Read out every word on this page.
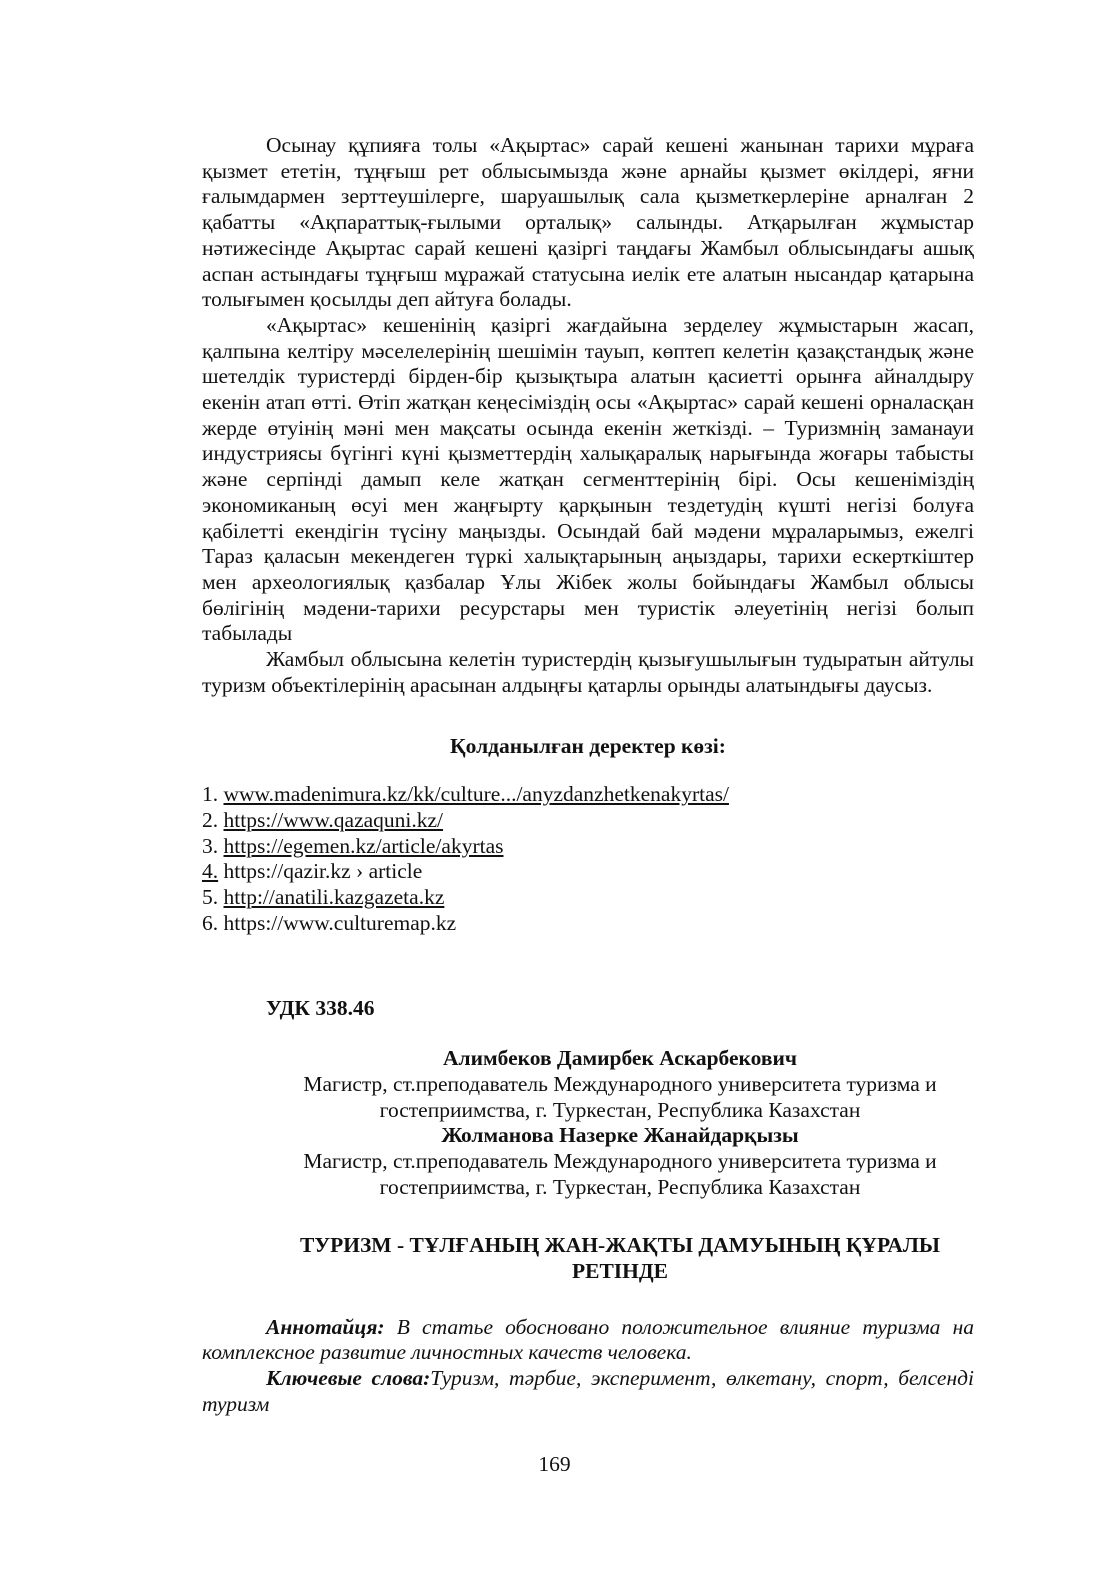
Осынау құпияға толы «Ақыртас» сарай кешені жанынан тарихи мұраға қызмет ететін, тұңғыш рет облысымызда және арнайы қызмет өкілдері, яғни ғалымдармен зерттеушілерге, шаруашылық сала қызметкерлеріне арналған 2 қабатты «Ақпараттық-ғылыми орталық» салынды. Атқарылған жұмыстар нәтижесінде Ақыртас сарай кешені қазіргі таңдағы Жамбыл облысындағы ашық аспан астындағы тұңғыш мұражай статусына иелік ете алатын нысандар қатарына толығымен қосылды деп айтуға болады.

«Ақыртас» кешенінің қазіргі жағдайына зерделеу жұмыстарын жасап, қалпына келтіру мәселелерінің шешімін тауып, көптеп келетін қазақстандық және шетелдік туристерді бірден-бір қызықтыра алатын қасиетті орынға айналдыру екенін атап өтті. Өтіп жатқан кеңесіміздің осы «Ақыртас» сарай кешені орналасқан жерде өтуінің мәні мен мақсаты осында екенін жеткізді. – Туризмнің заманауи индустриясы бүгінгі күні қызметтердің халықаралық нарығында жоғары табысты және серпінді дамып келе жатқан сегменттерінің бірі. Осы кешеніміздің экономиканың өсуі мен жаңғырту қарқынын тездетудің күшті негізі болуға қабілетті екендігін түсіну маңызды. Осындай бай мәдени мұраларымыз, ежелгі Тараз қаласын мекендеген түркі халықтарының аңыздары, тарихи ескерткіштер мен археологиялық қазбалар Ұлы Жібек жолы бойындағы Жамбыл облысы бөлігінің мәдени-тарихи ресурстары мен туристік әлеуетінің негізі болып табылады

Жамбыл облысына келетін туристердің қызығушылығын тудыратын айтулы туризм объектілерінің арасынан алдыңғы қатарлы орынды алатындығы даусыз.

Қолданылған деректер көзі:

1. www.madenimura.kz/kk/culture.../anyzdanzhetkenakyrtas/
2. https://www.qazaquni.kz/
3. https://egemen.kz/article/akyrtas
4. https://qazir.kz › article
5. http://anatili.kazgazeta.kz
6. https://www.culturemap.kz

УДК 338.46

Алимбеков Дамирбек Аскарбекович

Магистр, ст.преподаватель Международного университета туризма и

гостеприимства, г. Туркестан, Республика Казахстан

Жолманова Назерке Жанайдарқызы

Магистр, ст.преподаватель Международного университета туризма и

гостеприимства, г. Туркестан, Республика Казахстан

ТУРИЗМ - ТҰЛҒАНЫҢ ЖАН-ЖАҚТЫ ДАМУЫНЫҢ ҚҰРАЛЫ

РЕТІНДЕ

Аннотайця: В статье обосновано положительное влияние туризма на комплексное развитие личностных качеств человека.

Ключевые слова:Туризм, тәрбие, эксперимент, өлкетану, спорт, белсенді туризм

169
